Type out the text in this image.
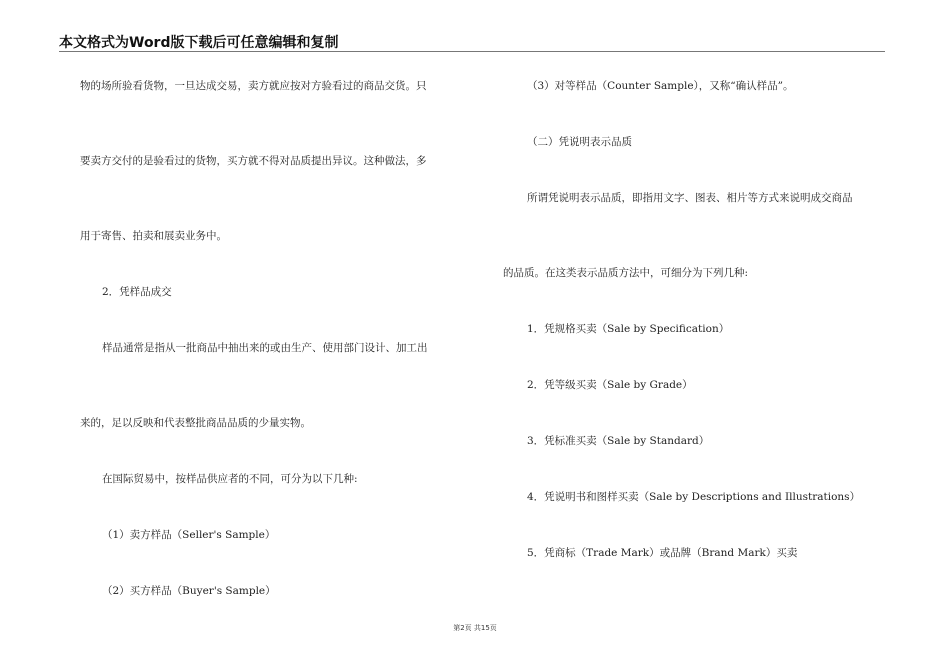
本文格式为Word版下载后可任意编辑和复制
物的场所验看货物，一旦达成交易，卖方就应按对方验看过的商品交货。只
要卖方交付的是验看过的货物，买方就不得对品质提出异议。这种做法，多
用于寄售、拍卖和展卖业务中。
2．凭样品成交
样品通常是指从一批商品中抽出来的或由生产、使用部门设计、加工出
来的，足以反映和代表整批商品品质的少量实物。
在国际贸易中，按样品供应者的不同，可分为以下几种:
（1）卖方样品（Seller's Sample）
（2）买方样品（Buyer's Sample）
（3）对等样品（Counter Sample），又称“确认样品”。
（二）凭说明表示品质
所谓凭说明表示品质，即指用文字、图表、相片等方式来说明成交商品
的品质。在这类表示品质方法中，可细分为下列几种:
1．凭规格买卖（Sale by Specification）
2．凭等级买卖（Sale by Grade）
3．凭标准买卖（Sale by Standard）
4．凭说明书和图样买卖（Sale by Descriptions and Illustrations）
5．凭商标（Trade Mark）或品牌（Brand Mark）买卖
第2页 共15页
